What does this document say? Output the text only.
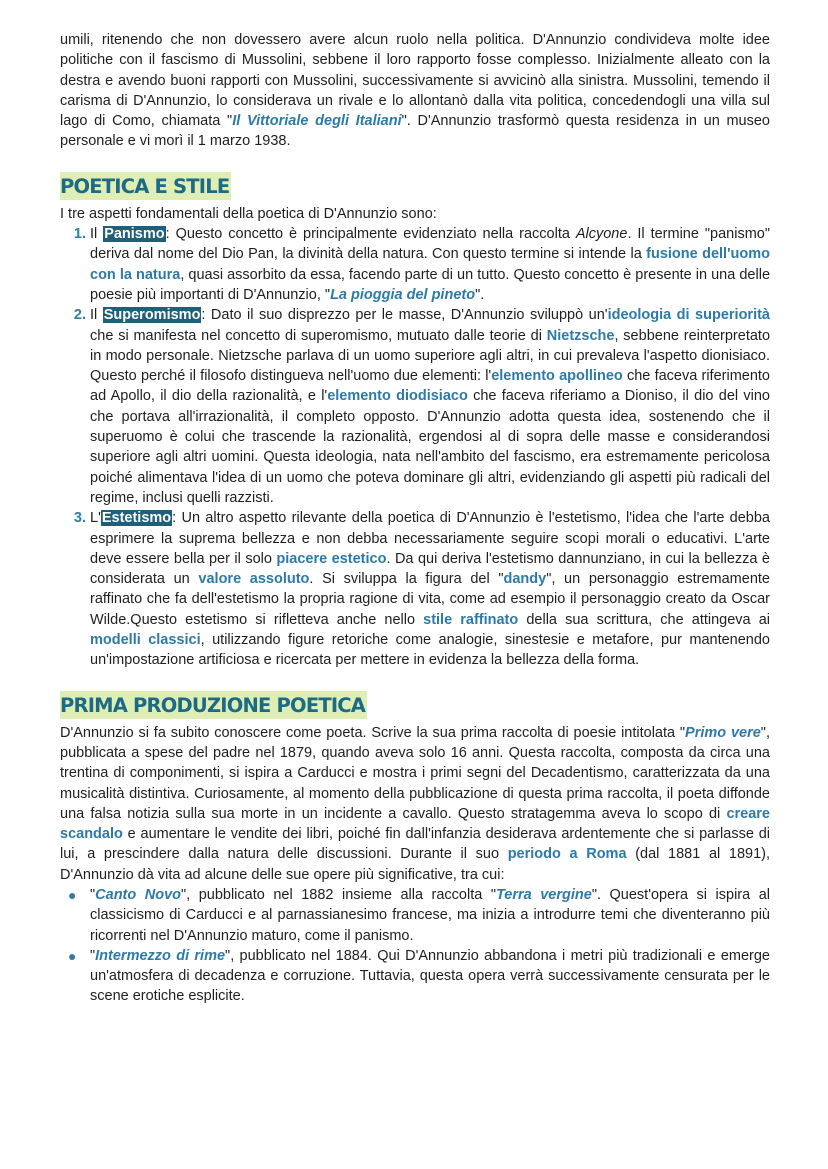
umili, ritenendo che non dovessero avere alcun ruolo nella politica. D'Annunzio condivideva molte idee politiche con il fascismo di Mussolini, sebbene il loro rapporto fosse complesso. Inizialmente alleato con la destra e avendo buoni rapporti con Mussolini, successivamente si avvicinò alla sinistra. Mussolini, temendo il carisma di D'Annunzio, lo considerava un rivale e lo allontanò dalla vita politica, concedendogli una villa sul lago di Como, chiamata "Il Vittoriale degli Italiani". D'Annunzio trasformò questa residenza in un museo personale e vi morì il 1 marzo 1938.

POETICA E STILE

I tre aspetti fondamentali della poetica di D'Annunzio sono:

1. Il Panismo: Questo concetto è principalmente evidenziato nella raccolta Alcyone. Il termine "panismo" deriva dal nome del Dio Pan, la divinità della natura. Con questo termine si intende la fusione dell'uomo con la natura, quasi assorbito da essa, facendo parte di un tutto. Questo concetto è presente in una delle poesie più importanti di D'Annunzio, "La pioggia del pineto".
2. Il Superomismo: Dato il suo disprezzo per le masse, D'Annunzio sviluppò un'ideologia di superiorità che si manifesta nel concetto di superomismo, mutuato dalle teorie di Nietzsche, sebbene reinterpretato in modo personale. Nietzsche parlava di un uomo superiore agli altri, in cui prevaleva l'aspetto dionisiaco. Questo perché il filosofo distingueva nell'uomo due elementi: l'elemento apollineo che faceva riferimento ad Apollo, il dio della razionalità, e l'elemento diodisiaco che faceva riferiamo a Dioniso, il dio del vino che portava all'irrazionalità, il completo opposto. D'Annunzio adotta questa idea, sostenendo che il superuomo è colui che trascende la razionalità, ergendosi al di sopra delle masse e considerandosi superiore agli altri uomini. Questa ideologia, nata nell'ambito del fascismo, era estremamente pericolosa poiché alimentava l'idea di un uomo che poteva dominare gli altri, evidenziando gli aspetti più radicali del regime, inclusi quelli razzisti.
3. L'Estetismo: Un altro aspetto rilevante della poetica di D'Annunzio è l'estetismo, l'idea che l'arte debba esprimere la suprema bellezza e non debba necessariamente seguire scopi morali o educativi. L'arte deve essere bella per il solo piacere estetico. Da qui deriva l'estetismo dannunziano, in cui la bellezza è considerata un valore assoluto. Si sviluppa la figura del "dandy", un personaggio estremamente raffinato che fa dell'estetismo la propria ragione di vita, come ad esempio il personaggio creato da Oscar Wilde.Questo estetismo si rifletteva anche nello stile raffinato della sua scrittura, che attingeva ai modelli classici, utilizzando figure retoriche come analogie, sinestesie e metafore, pur mantenendo un'impostazione artificiosa e ricercata per mettere in evidenza la bellezza della forma.
PRIMA PRODUZIONE POETICA

D'Annunzio si fa subito conoscere come poeta. Scrive la sua prima raccolta di poesie intitolata "Primo vere", pubblicata a spese del padre nel 1879, quando aveva solo 16 anni. Questa raccolta, composta da circa una trentina di componimenti, si ispira a Carducci e mostra i primi segni del Decadentismo, caratterizzata da una musicalità distintiva. Curiosamente, al momento della pubblicazione di questa prima raccolta, il poeta diffonde una falsa notizia sulla sua morte in un incidente a cavallo. Questo stratagemma aveva lo scopo di creare scandalo e aumentare le vendite dei libri, poiché fin dall'infanzia desiderava ardentemente che si parlasse di lui, a prescindere dalla natura delle discussioni. Durante il suo periodo a Roma (dal 1881 al 1891), D'Annunzio dà vita ad alcune delle sue opere più significative, tra cui:

● "Canto Novo", pubblicato nel 1882 insieme alla raccolta "Terra vergine". Quest'opera si ispira al classicismo di Carducci e al parnassianesimo francese, ma inizia a introdurre temi che diventeranno più ricorrenti nel D'Annunzio maturo, come il panismo.
● "Intermezzo di rime", pubblicato nel 1884. Qui D'Annunzio abbandona i metri più tradizionali e emerge un'atmosfera di decadenza e corruzione. Tuttavia, questa opera verrà successivamente censurata per le scene erotiche esplicite.
